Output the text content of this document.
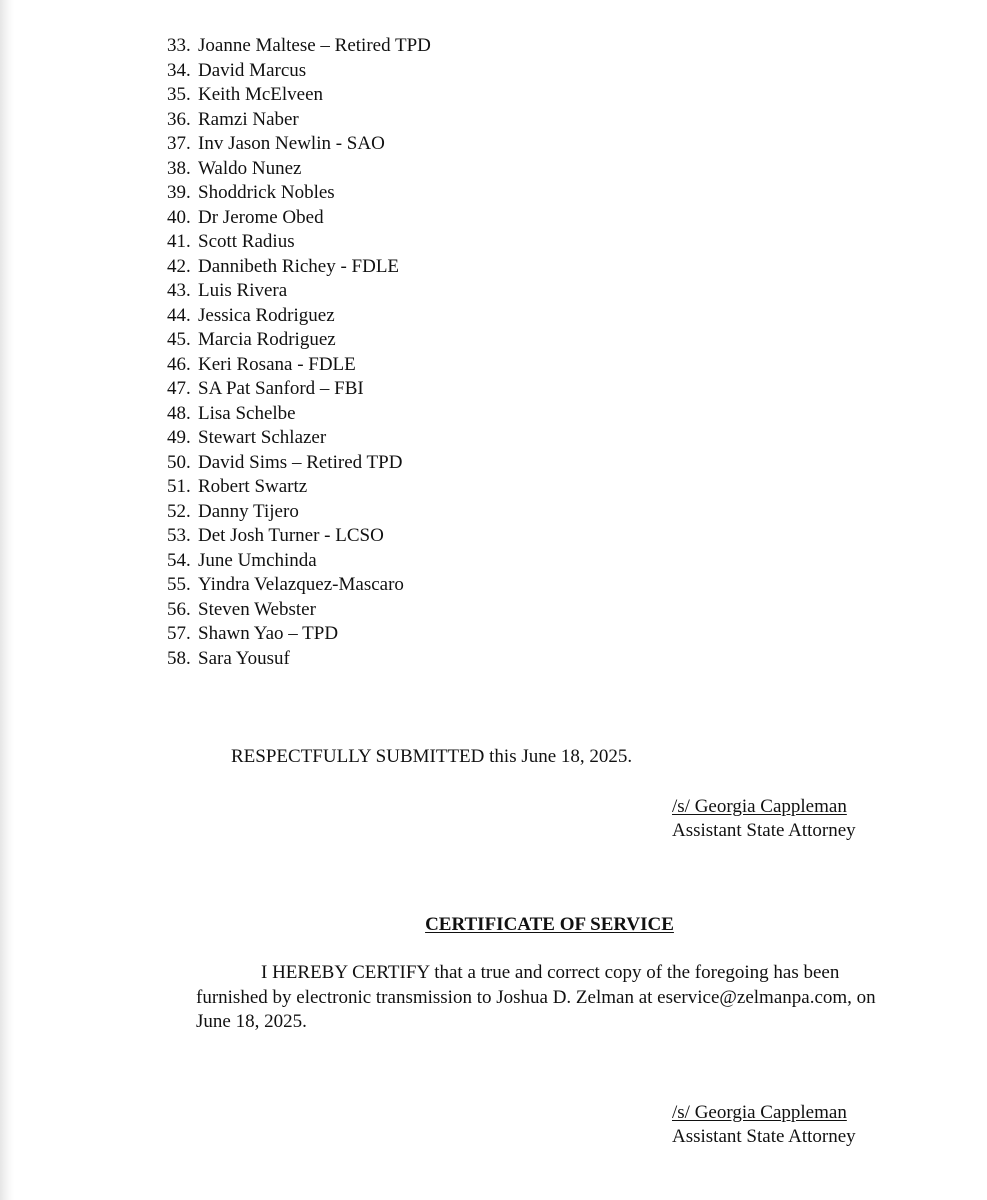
33. Joanne Maltese – Retired TPD
34. David Marcus
35. Keith McElveen
36. Ramzi Naber
37. Inv Jason Newlin - SAO
38. Waldo Nunez
39. Shoddrick Nobles
40. Dr Jerome Obed
41. Scott Radius
42. Dannibeth Richey - FDLE
43. Luis Rivera
44. Jessica Rodriguez
45. Marcia Rodriguez
46. Keri Rosana - FDLE
47. SA Pat Sanford – FBI
48. Lisa Schelbe
49. Stewart Schlazer
50. David Sims – Retired TPD
51. Robert Swartz
52. Danny Tijero
53. Det Josh Turner - LCSO
54. June Umchinda
55. Yindra Velazquez-Mascaro
56. Steven Webster
57. Shawn Yao – TPD
58. Sara Yousuf
RESPECTFULLY SUBMITTED this June 18, 2025.
/s/ Georgia Cappleman
Assistant State Attorney
CERTIFICATE OF SERVICE
I HEREBY CERTIFY that a true and correct copy of the foregoing has been
furnished by electronic transmission to Joshua D. Zelman at eservice@zelmanpa.com, on
June 18, 2025.
/s/ Georgia Cappleman
Assistant State Attorney
